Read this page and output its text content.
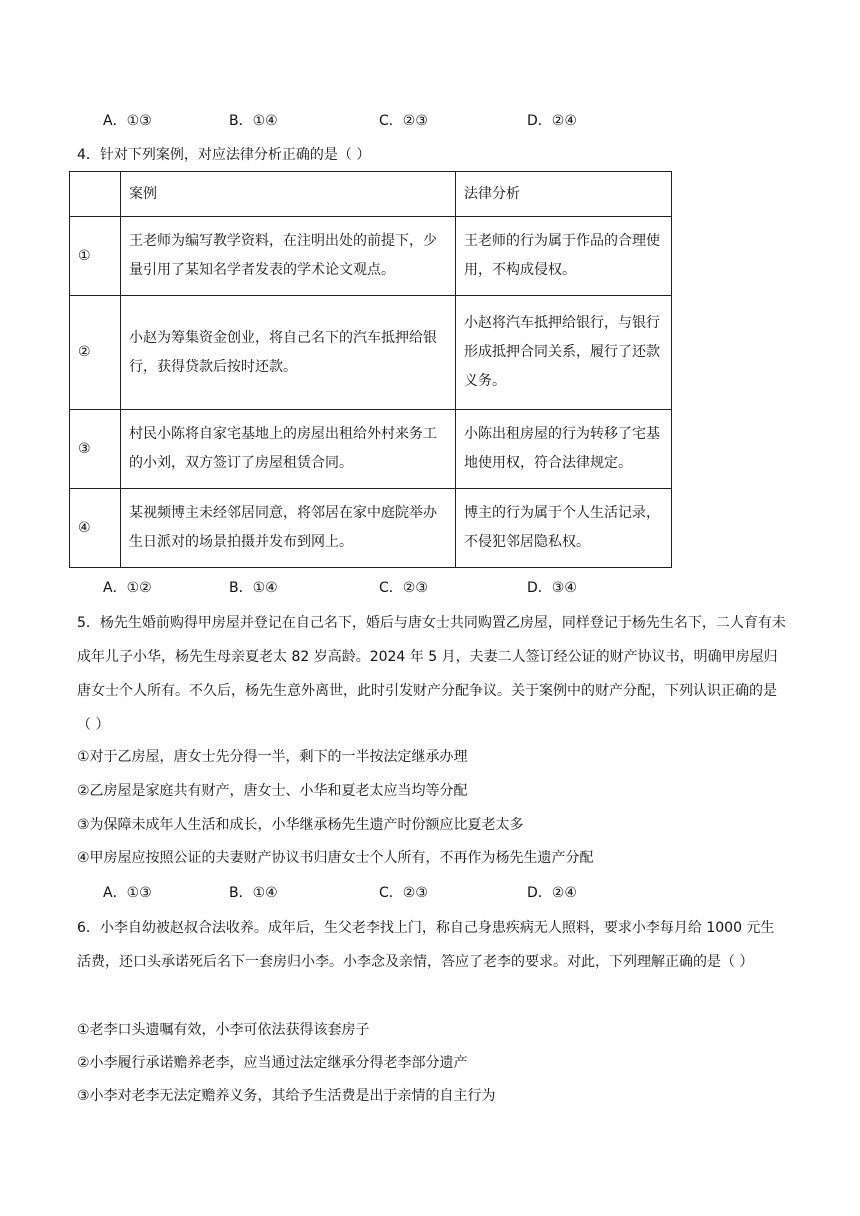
A．①③	B．①④	C．②③	D．②④
4．针对下列案例，对应法律分析正确的是（ ）
	案例	法律分析
①	王老师为编写教学资料，在注明出处的前提下，少量引用了某知名学者发表的学术论文观点。	王老师的行为属于作品的合理使用，不构成侵权。
②	小赵为筹集资金创业，将自己名下的汽车抵押给银行，获得贷款后按时还款。	小赵将汽车抵押给银行，与银行形成抵押合同关系，履行了还款义务。
③	村民小陈将自家宅基地上的房屋出租给外村来务工的小刘，双方签订了房屋租赁合同。	小陈出租房屋的行为转移了宅基地使用权，符合法律规定。
④	某视频博主未经邻居同意，将邻居在家中庭院举办生日派对的场景拍摄并发布到网上。	博主的行为属于个人生活记录，不侵犯邻居隐私权。
A．①②	B．①④	C．②③	D．③④
5．杨先生婚前购得甲房屋并登记在自己名下，婚后与唐女士共同购置乙房屋，同样登记于杨先生名下，二人育有未成年儿子小华，杨先生母亲夏老太 82 岁高龄。2024 年 5 月，夫妻二人签订经公证的财产协议书，明确甲房屋归唐女士个人所有。不久后，杨先生意外离世，此时引发财产分配争议。关于案例中的财产分配，下列认识正确的是（ ）
①对于乙房屋，唐女士先分得一半，剩下的一半按法定继承办理
②乙房屋是家庭共有财产，唐女士、小华和夏老太应当均等分配
③为保障未成年人生活和成长，小华继承杨先生遗产时份额应比夏老太多
④甲房屋应按照公证的夫妻财产协议书归唐女士个人所有，不再作为杨先生遗产分配
A．①③	B．①④	C．②③	D．②④
6．小李自幼被赵叔合法收养。成年后，生父老李找上门，称自己身患疾病无人照料，要求小李每月给 1000 元生活费，还口头承诺死后名下一套房归小李。小李念及亲情，答应了老李的要求。对此，下列理解正确的是（ ）
①老李口头遗嘱有效，小李可依法获得该套房子
②小李履行承诺赡养老李，应当通过法定继承分得老李部分遗产
③小李对老李无法定赡养义务，其给予生活费是出于亲情的自主行为
